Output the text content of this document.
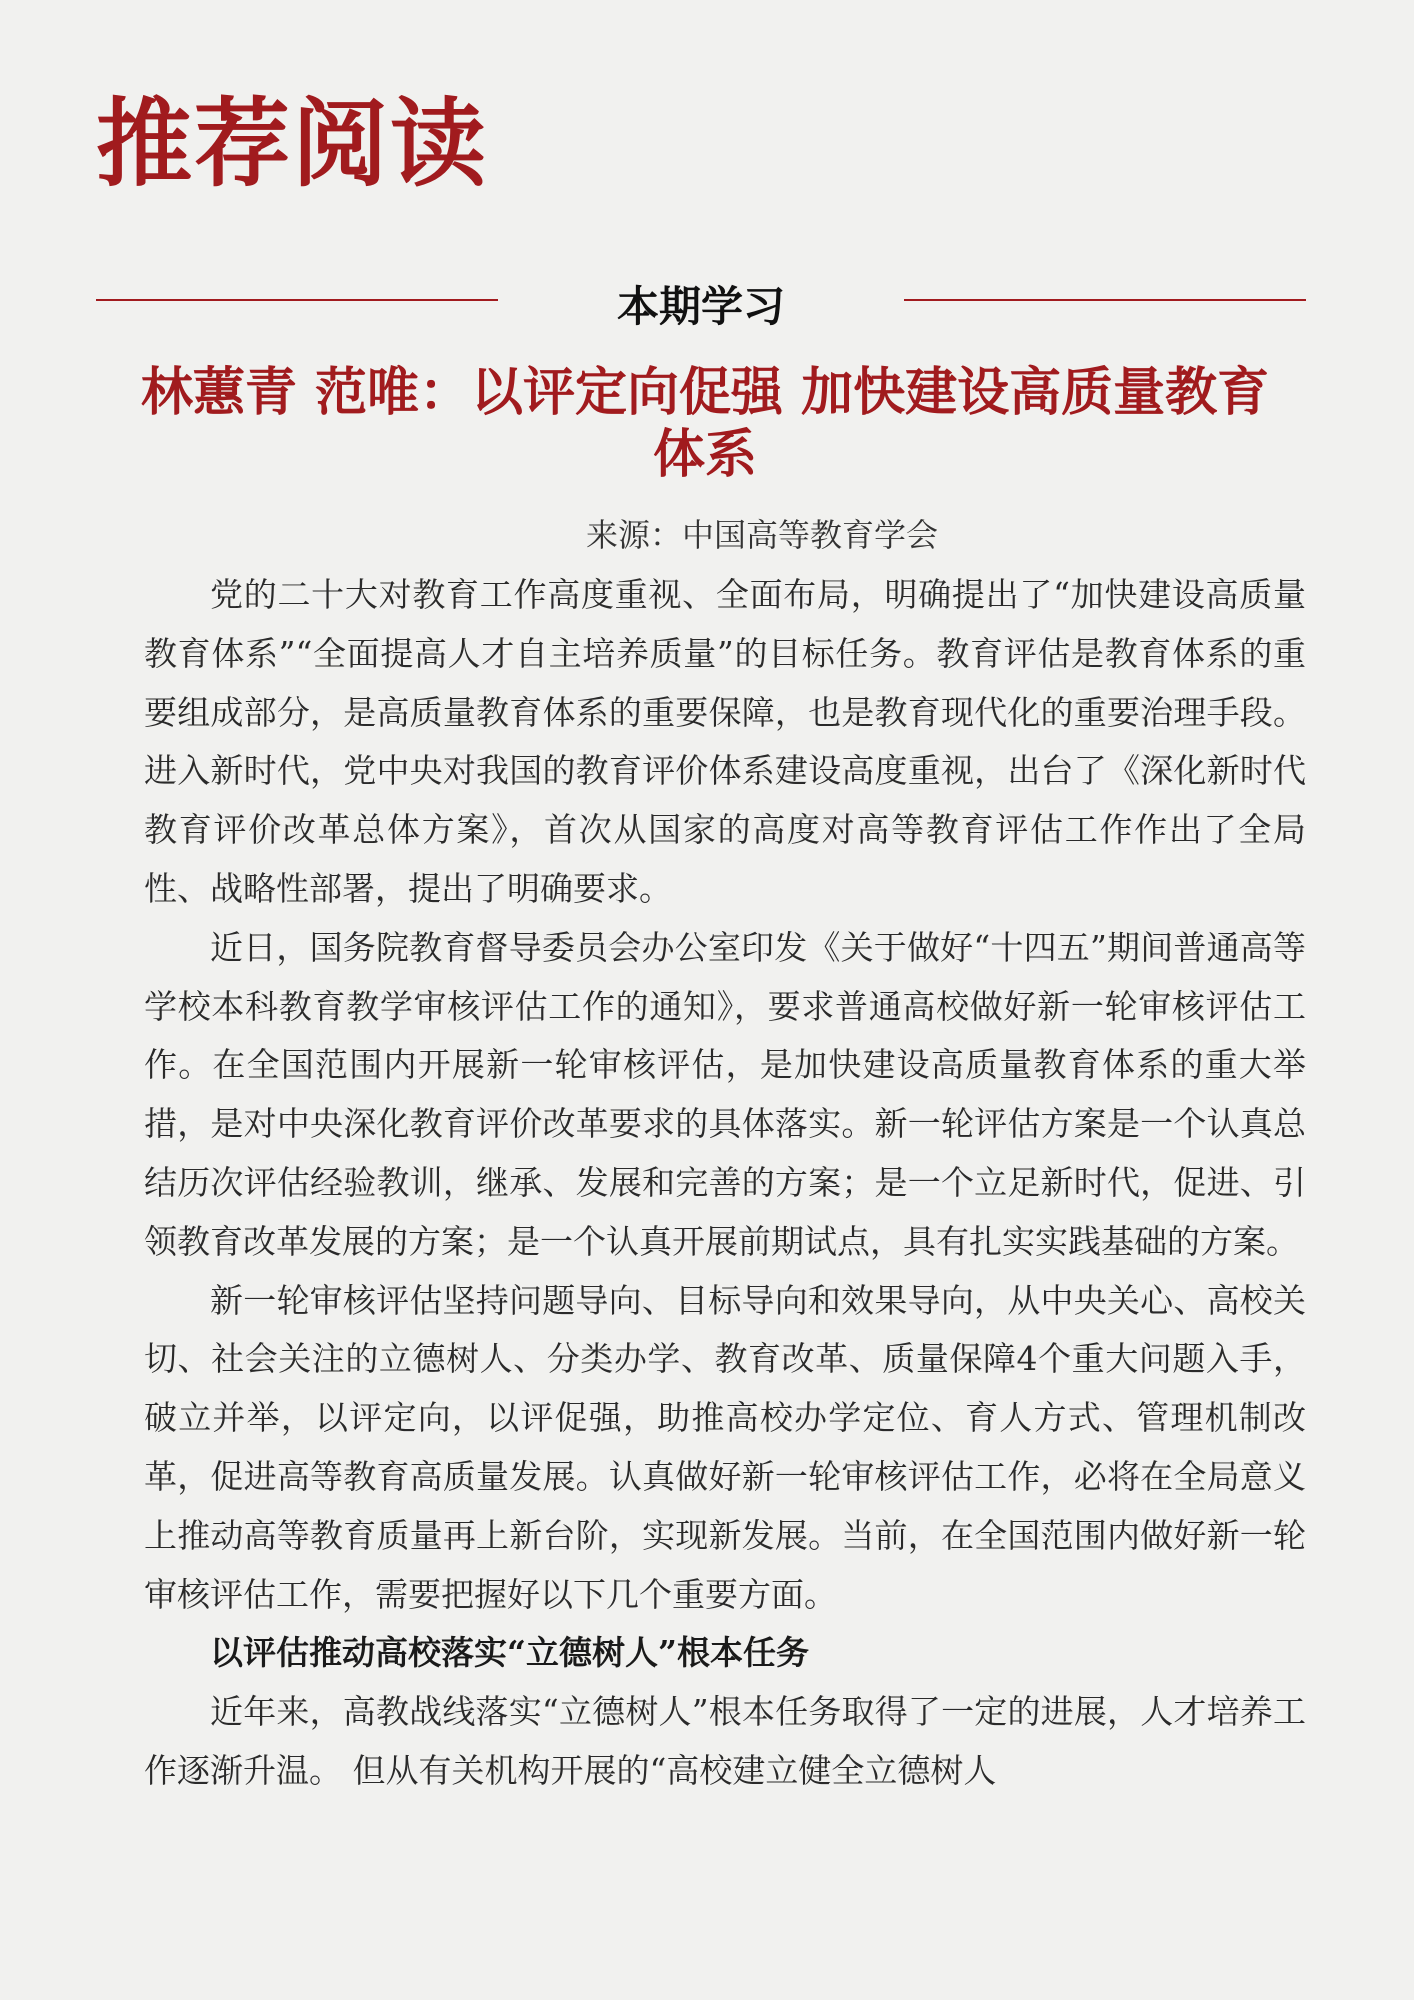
推荐阅读
本期学习
林蕙青 范唯：以评定向促强 加快建设高质量教育体系
来源：中国高等教育学会

党的二十大对教育工作高度重视、全面布局，明确提出了“加快建设高质量教育体系”“全面提高人才自主培养质量”的目标任务。教育评估是教育体系的重要组成部分，是高质量教育体系的重要保障，也是教育现代化的重要治理手段。进入新时代，党中央对我国的教育评价体系建设高度重视，出台了《深化新时代教育评价改革总体方案》，首次从国家的高度对高等教育评估工作作出了全局性、战略性部署，提出了明确要求。

近日，国务院教育督导委员会办公室印发《关于做好“十四五”期间普通高等学校本科教育教学审核评估工作的通知》，要求普通高校做好新一轮审核评估工作。在全国范围内开展新一轮审核评估，是加快建设高质量教育体系的重大举措，是对中央深化教育评价改革要求的具体落实。新一轮评估方案是一个认真总结历次评估经验教训，继承、发展和完善的方案；是一个立足新时代，促进、引领教育改革发展的方案；是一个认真开展前期试点，具有扎实实践基础的方案。

新一轮审核评估坚持问题导向、目标导向和效果导向，从中央关心、高校关切、社会关注的立德树人、分类办学、教育改革、质量保障4个重大问题入手，破立并举，以评定向，以评促强，助推高校办学定位、育人方式、管理机制改革，促进高等教育高质量发展。认真做好新一轮审核评估工作，必将在全局意义上推动高等教育质量再上新台阶，实现新发展。当前，在全国范围内做好新一轮审核评估工作，需要把握好以下几个重要方面。

以评估推动高校落实“立德树人”根本任务

近年来，高教战线落实“立德树人”根本任务取得了一定的进展，人才培养工作逐渐升温。 但从有关机构开展的“高校建立健全立德树人
